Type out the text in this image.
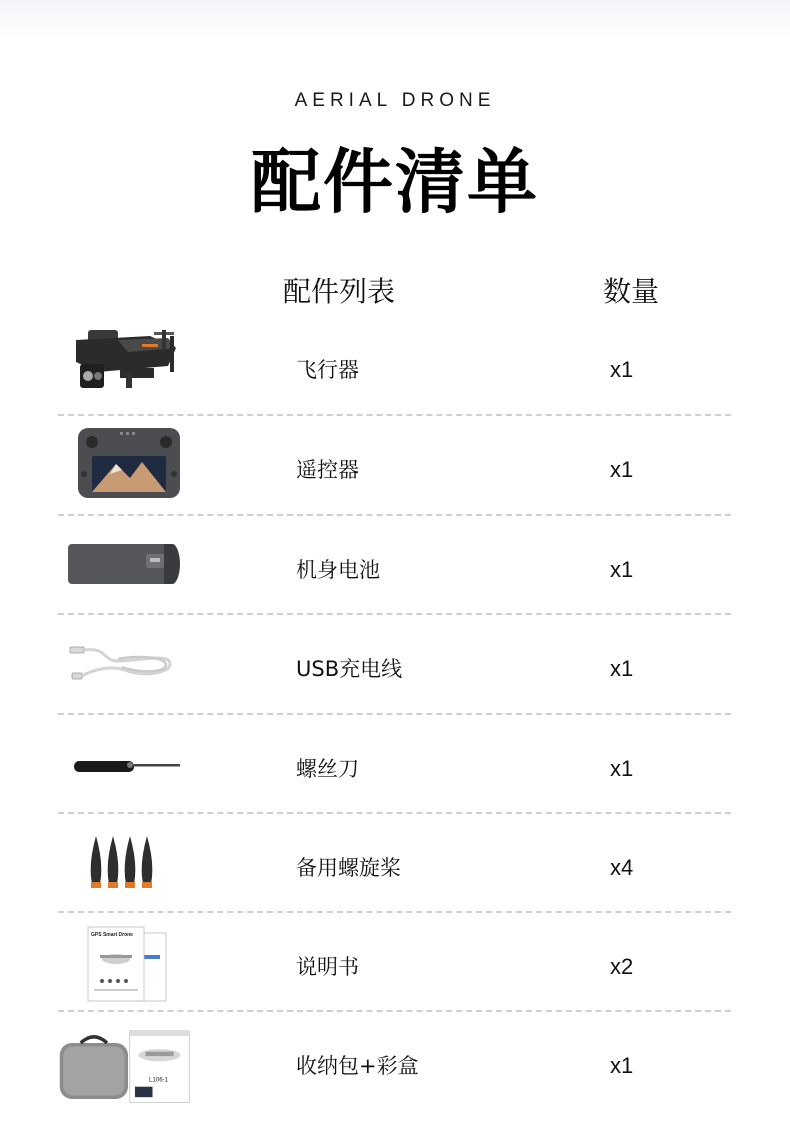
AERIAL DRONE
配件清单
配件列表	数量
飞行器	x1
遥控器	x1
机身电池	x1
USB充电线	x1
螺丝刀	x1
备用螺旋桨	x4
GPS Smart Drone
说明书	x2
L106-1
收纳包+彩盒	x1
